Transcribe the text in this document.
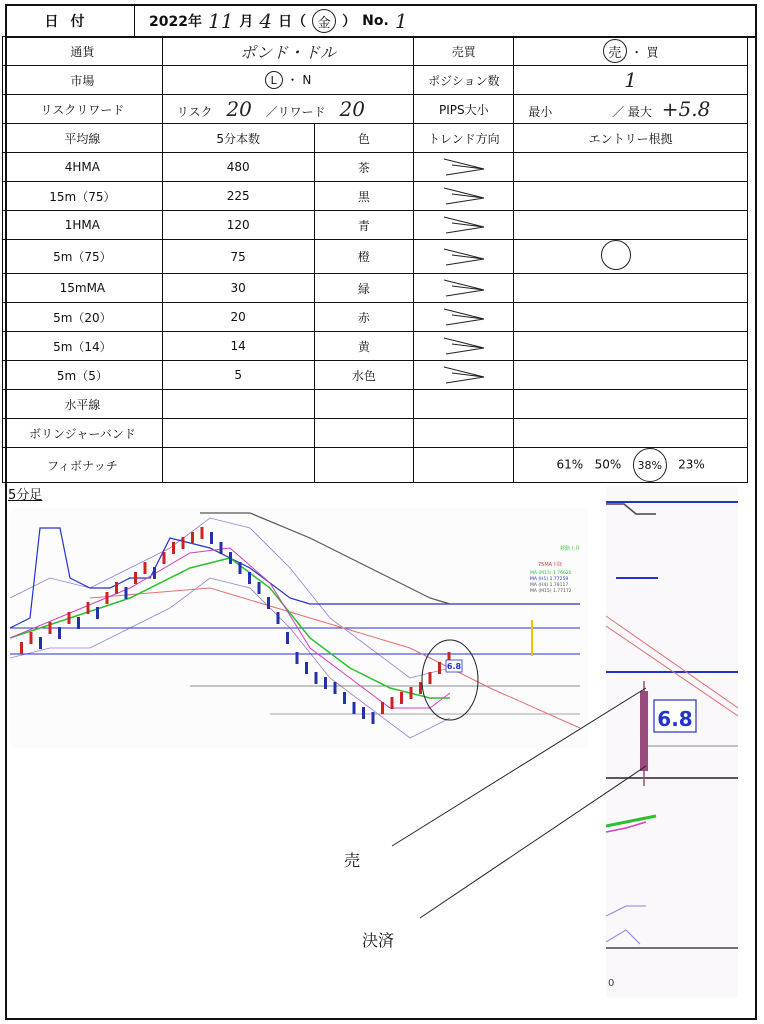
日付	2022年 11 月 4 日（ 金 ） No. 1
通貨	ポンド・ドル		売買	売 ・ 買
市場	L ・ N		ポジション数	1
リスクリワード	リスク 20 ／リワード 20		PIPS大小	最小 ／ 最大 +5.8
平均線	5分本数	色	トレンド方向	エントリー根拠
4HMA	480	茶	

15m（75）	225	黒	

1HMA	120	青	

5m（75）	75	橙	

15mMA	30	緑	

5m（20）	20	赤	

5m（14）	14	黄	

5m（5）	5	水色	

水平線				
ボリンジャーバンド				
フィボナッチ				61% 50% 38% 23%
5分足
6.8
移動上昇
75MA下降
MA (M15) 1.76620
MA (H1) 1.77259
MA (H4) 1.78117
MA (M15) 1.77172
6.8
0
売
決済
